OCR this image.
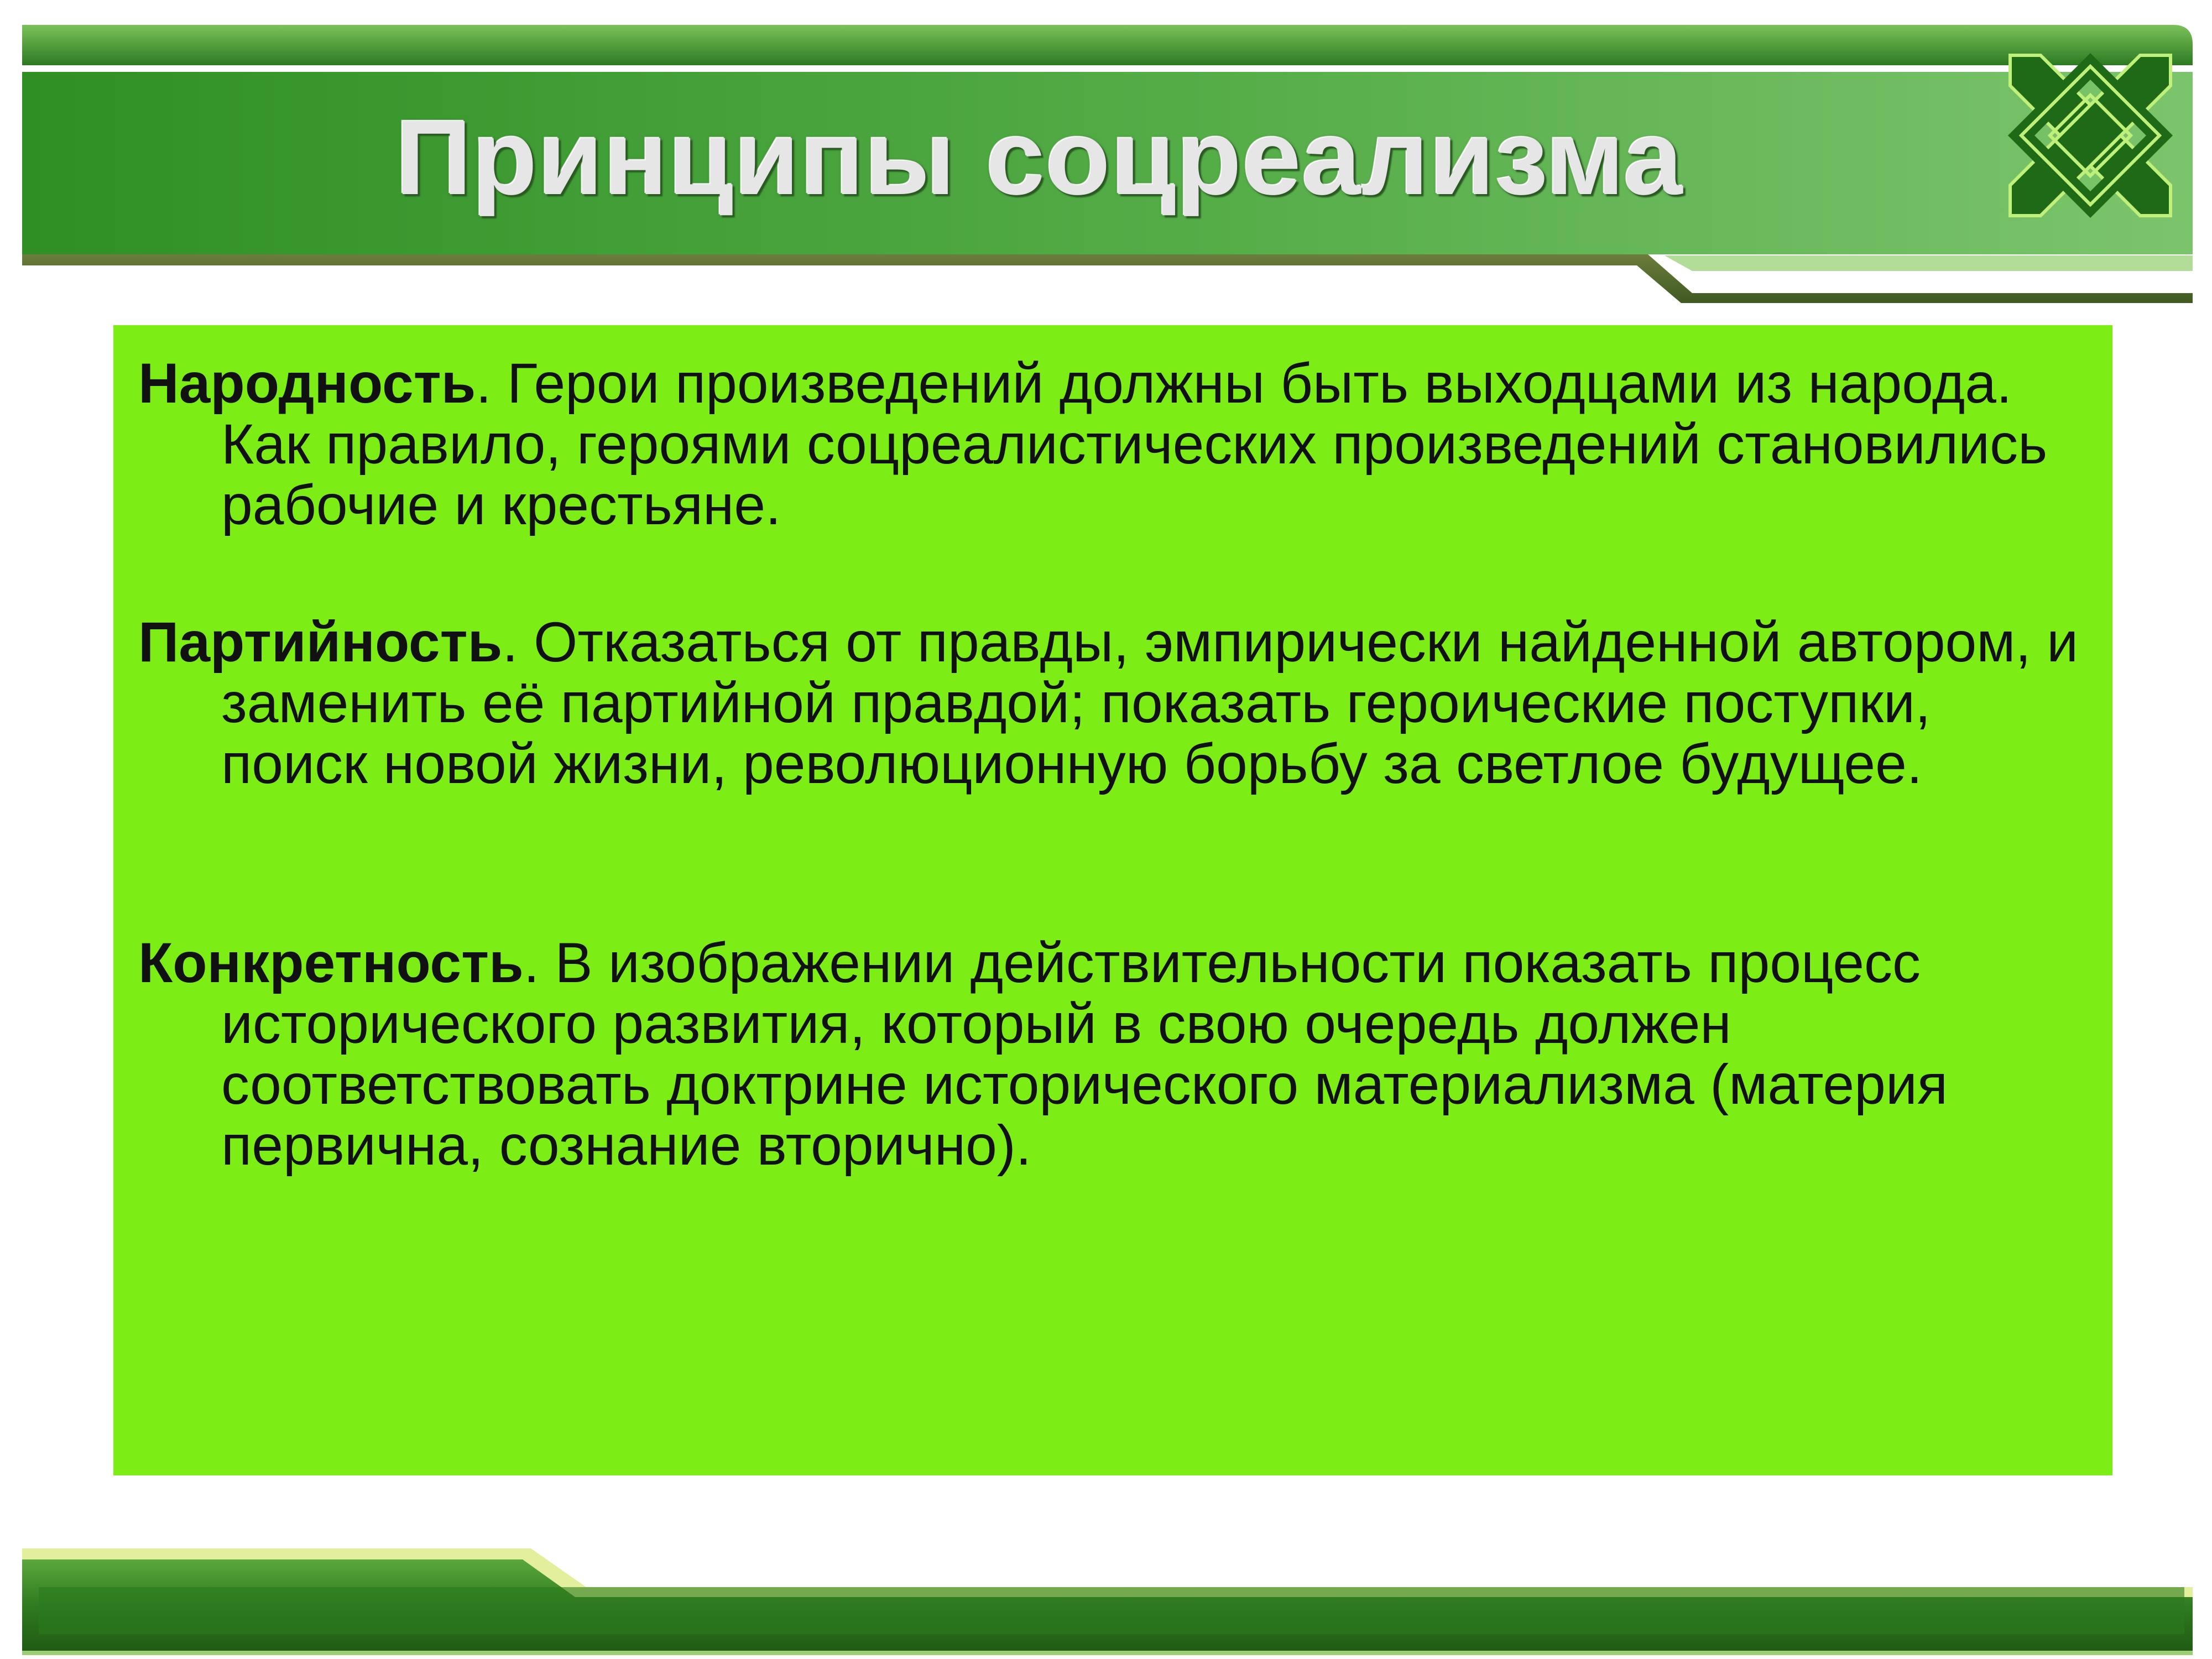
Принципы соцреализма
Народность. Герои произведений должны быть выходцами из народа. Как правило, героями соцреалистических произведений становились рабочие и крестьяне.
Партийность. Отказаться от правды, эмпирически найденной автором, и заменить её партийной правдой; показать героические поступки, поиск новой жизни, революционную борьбу за светлое будущее.
Конкретность. В изображении действительности показать процесс исторического развития, который в свою очередь должен соответствовать доктрине исторического материализма (материя первична, сознание вторично).
